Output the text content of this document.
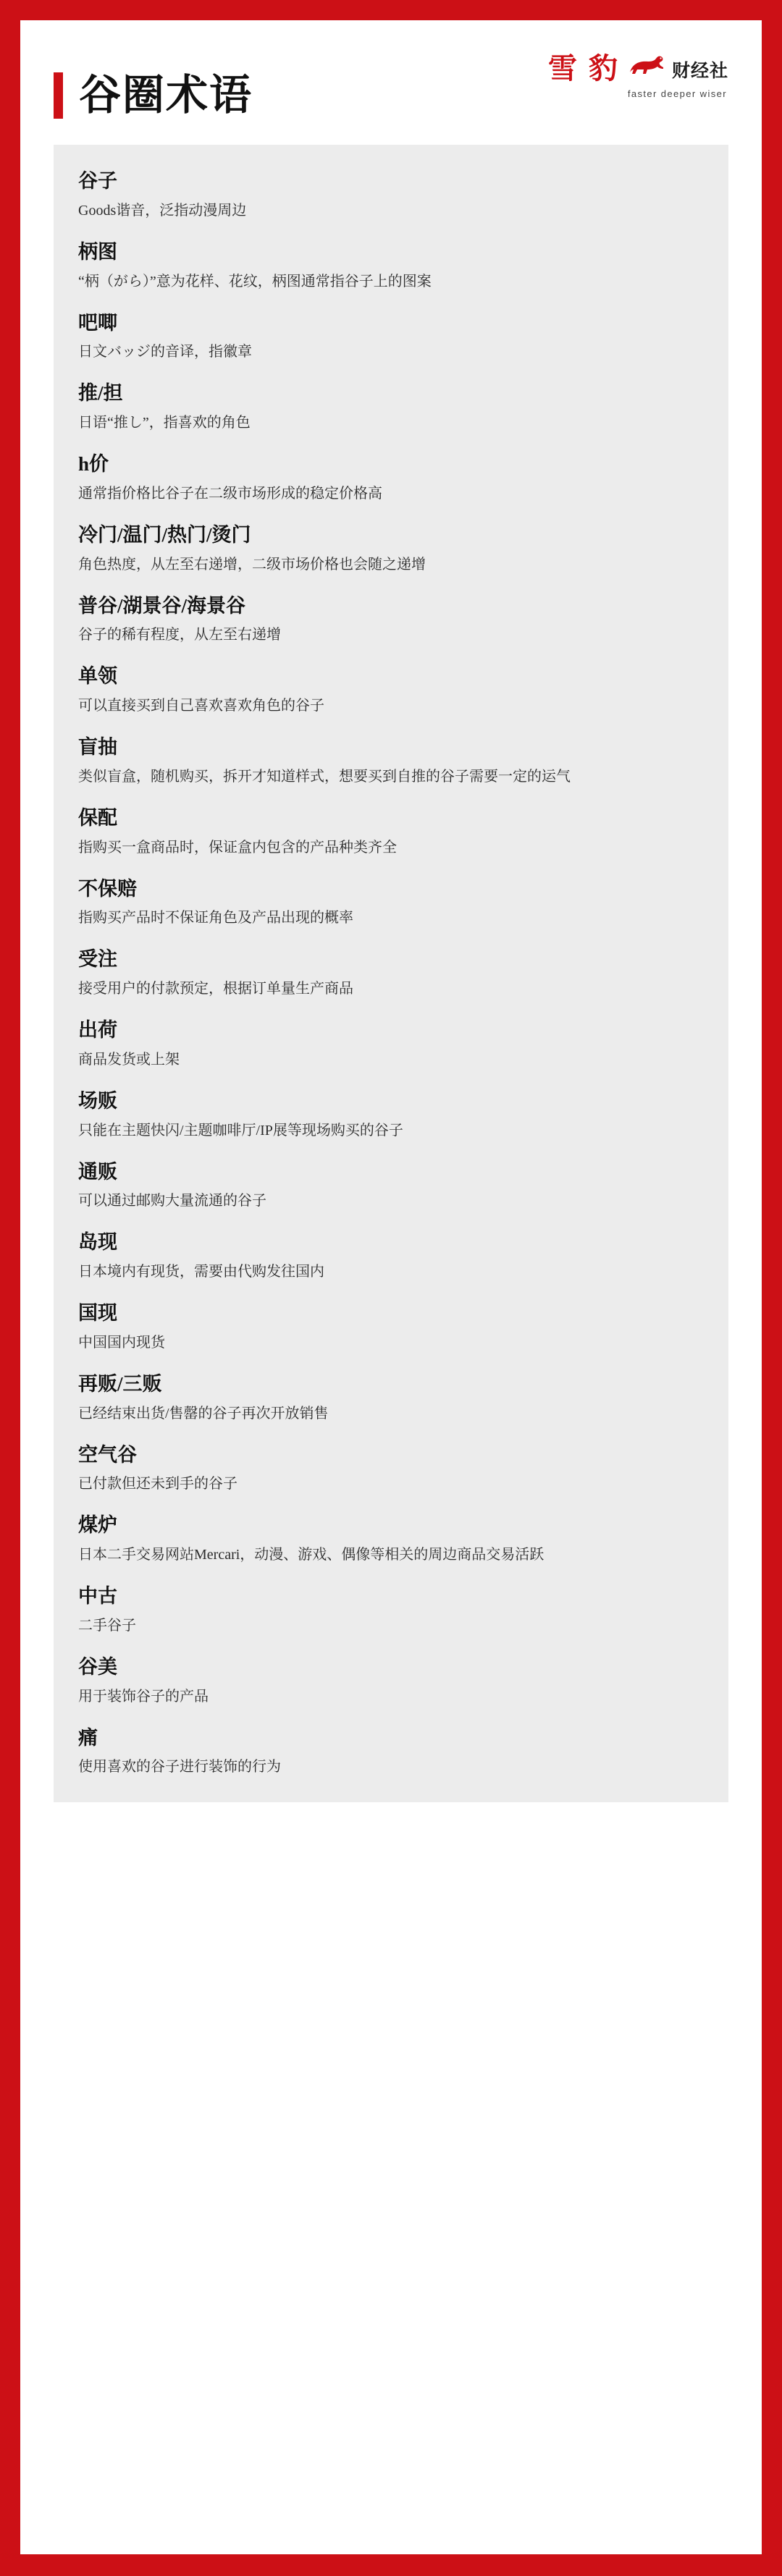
谷圈术语
雪 豹	财经社
faster deeper wiser
谷子
Goods谐音，泛指动漫周边
柄图
“柄（がら）”意为花样、花纹，柄图通常指谷子上的图案
吧唧
日文バッジ的音译，指徽章
推/担
日语“推し”，指喜欢的角色
h价
通常指价格比谷子在二级市场形成的稳定价格高
冷门/温门/热门/烫门
角色热度，从左至右递增，二级市场价格也会随之递增
普谷/湖景谷/海景谷
谷子的稀有程度，从左至右递增
单领
可以直接买到自己喜欢喜欢角色的谷子
盲抽
类似盲盒，随机购买，拆开才知道样式，想要买到自推的谷子需要一定的运气
保配
指购买一盒商品时，保证盒内包含的产品种类齐全
不保赔
指购买产品时不保证角色及产品出现的概率
受注
接受用户的付款预定，根据订单量生产商品
出荷
商品发货或上架
场贩
只能在主题快闪/主题咖啡厅/IP展等现场购买的谷子
通贩
可以通过邮购大量流通的谷子
岛现
日本境内有现货，需要由代购发往国内
国现
中国国内现货
再贩/三贩
已经结束出货/售罄的谷子再次开放销售
空气谷
已付款但还未到手的谷子
煤炉
日本二手交易网站Mercari，动漫、游戏、偶像等相关的周边商品交易活跃
中古
二手谷子
谷美
用于装饰谷子的产品
痛
使用喜欢的谷子进行装饰的行为
